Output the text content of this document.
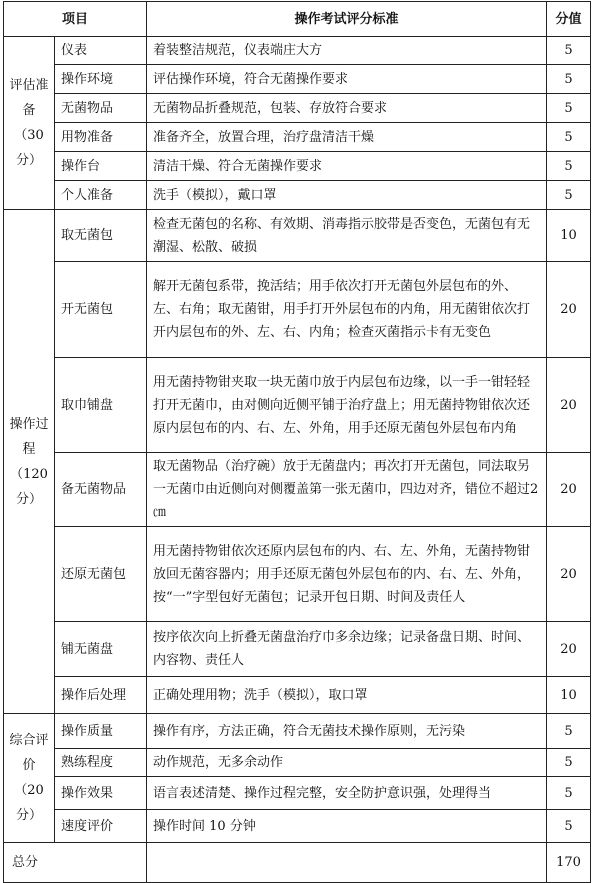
项目		操作考试评分标准	分值
评估准备（30分）	仪表	着装整洁规范，仪表端庄大方	5
	操作环境	评估操作环境，符合无菌操作要求	5
	无菌物品	无菌物品折叠规范，包装、存放符合要求	5
	用物准备	准备齐全，放置合理，治疗盘清洁干燥	5
	操作台	清洁干燥、符合无菌操作要求	5
	个人准备	洗手（模拟），戴口罩	5
操作过程（120分）	取无菌包	检查无菌包的名称、有效期、消毒指示胶带是否变色，无菌包有无潮湿、松散、破损	10
	开无菌包	解开无菌包系带，挽活结；用手依次打开无菌包外层包布的外、左、右角；取无菌钳，用手打开外层包布的内角，用无菌钳依次打开内层包布的外、左、右、内角；检查灭菌指示卡有无变色	20
	取巾铺盘	用无菌持物钳夹取一块无菌巾放于内层包布边缘，以一手一钳轻轻打开无菌巾，由对侧向近侧平铺于治疗盘上；用无菌持物钳依次还原内层包布的内、右、左、外角，用手还原无菌包外层包布内角	20
	备无菌物品	取无菌物品（治疗碗）放于无菌盘内；再次打开无菌包，同法取另一无菌巾由近侧向对侧覆盖第一张无菌巾，四边对齐，错位不超过2㎝	20
	还原无菌包	用无菌持物钳依次还原内层包布的内、右、左、外角，无菌持物钳放回无菌容器内；用手还原无菌包外层包布的内、右、左、外角，按“一”字型包好无菌包；记录开包日期、时间及责任人	20
	铺无菌盘	按序依次向上折叠无菌盘治疗巾多余边缘；记录备盘日期、时间、内容物、责任人	20
	操作后处理	正确处理用物；洗手（模拟），取口罩	10
综合评价（20分）	操作质量	操作有序，方法正确，符合无菌技术操作原则，无污染	5
	熟练程度	动作规范，无多余动作	5
	操作效果	语言表述清楚、操作过程完整，安全防护意识强，处理得当	5
	速度评价	操作时间 10 分钟	5
总分			170
